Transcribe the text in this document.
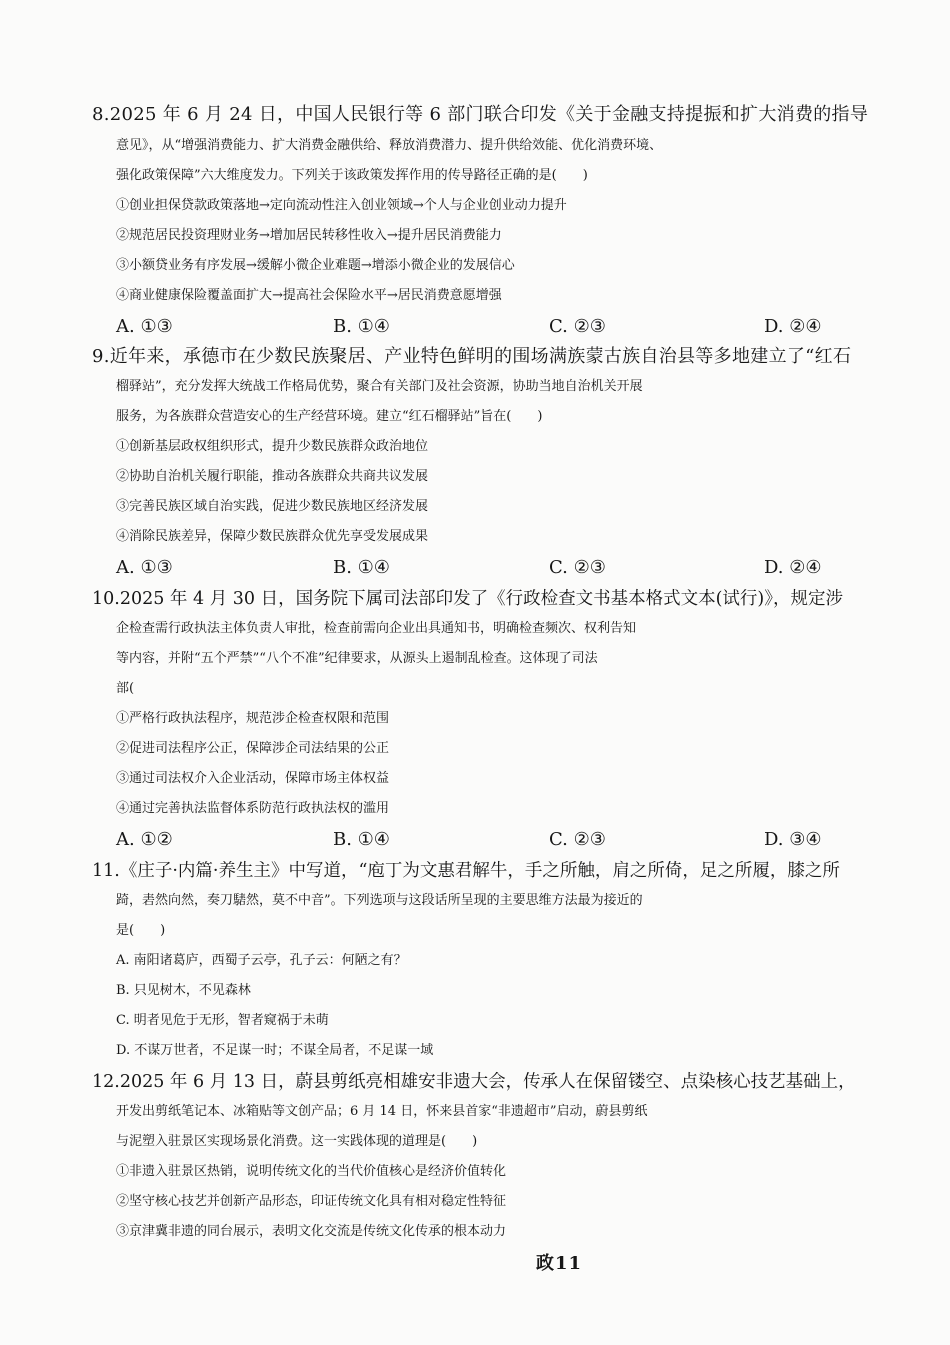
8.2025 年 6 月 24 日，中国人民银行等 6 部门联合印发《关于金融支持提振和扩大消费的指导
意见》，从“增强消费能力、扩大消费金融供给、释放消费潜力、提升供给效能、优化消费环境、
强化政策保障”六大维度发力。下列关于该政策发挥作用的传导路径正确的是(　　)
①创业担保贷款政策落地→定向流动性注入创业领域→个人与企业创业动力提升
②规范居民投资理财业务→增加居民转移性收入→提升居民消费能力
③小额贷业务有序发展→缓解小微企业难题→增添小微企业的发展信心
④商业健康保险覆盖面扩大→提高社会保险水平→居民消费意愿增强
A. ①③	B. ①④	C. ②③	D. ②④
9.近年来，承德市在少数民族聚居、产业特色鲜明的围场满族蒙古族自治县等多地建立了“红石
榴驿站”，充分发挥大统战工作格局优势，聚合有关部门及社会资源，协助当地自治机关开展
服务，为各族群众营造安心的生产经营环境。建立“红石榴驿站”旨在(　　)
①创新基层政权组织形式，提升少数民族群众政治地位
②协助自治机关履行职能，推动各族群众共商共议发展
③完善民族区域自治实践，促进少数民族地区经济发展
④消除民族差异，保障少数民族群众优先享受发展成果
A. ①③	B. ①④	C. ②③	D. ②④
10.2025 年 4 月 30 日，国务院下属司法部印发了《行政检查文书基本格式文本(试行)》，规定涉
企检查需行政执法主体负责人审批，检查前需向企业出具通知书，明确检查频次、权利告知
等内容，并附“五个严禁”“八个不准”纪律要求，从源头上遏制乱检查。这体现了司法
部(
①严格行政执法程序，规范涉企检查权限和范围
②促进司法程序公正，保障涉企司法结果的公正
③通过司法权介入企业活动，保障市场主体权益
④通过完善执法监督体系防范行政执法权的滥用
A. ①②	B. ①④	C. ②③	D. ③④
11.《庄子·内篇·养生主》中写道，“庖丁为文惠君解牛，手之所触，肩之所倚，足之所履，膝之所
踦，砉然向然，奏刀騞然，莫不中音”。下列选项与这段话所呈现的主要思维方法最为接近的
是(　　)
A. 南阳诸葛庐，西蜀子云亭，孔子云：何陋之有？
B. 只见树木，不见森林
C. 明者见危于无形，智者窥祸于未萌
D. 不谋万世者，不足谋一时；不谋全局者，不足谋一域
12.2025 年 6 月 13 日，蔚县剪纸亮相雄安非遗大会，传承人在保留镂空、点染核心技艺基础上，
开发出剪纸笔记本、冰箱贴等文创产品；6 月 14 日，怀来县首家“非遗超市”启动，蔚县剪纸
与泥塑入驻景区实现场景化消费。这一实践体现的道理是(　　)
①非遗入驻景区热销，说明传统文化的当代价值核心是经济价值转化
②坚守核心技艺并创新产品形态，印证传统文化具有相对稳定性特征
③京津冀非遗的同台展示，表明文化交流是传统文化传承的根本动力
政11
